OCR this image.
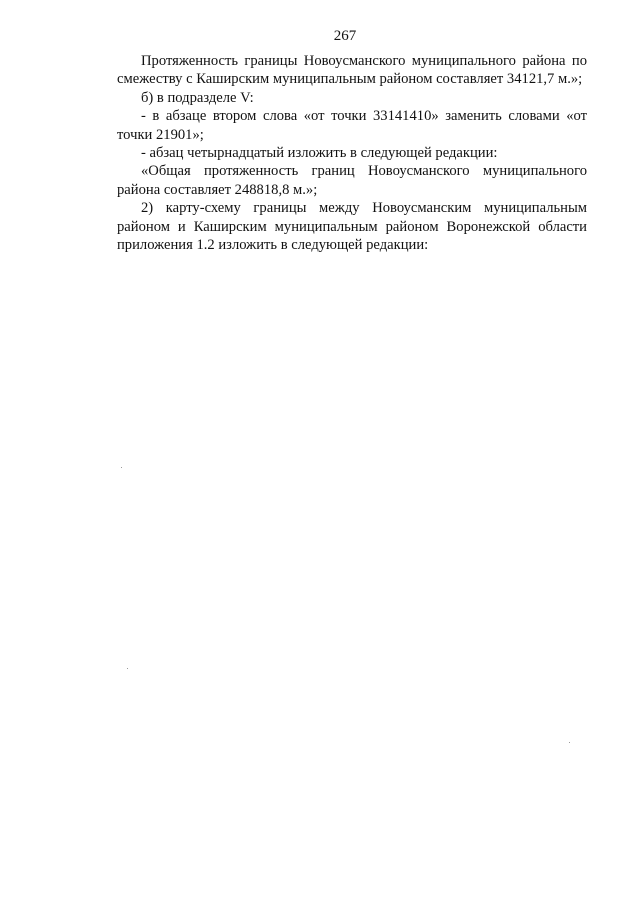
267

Протяженность границы Новоусманского муниципального района по смежеству с Каширским муниципальным районом составляет 34121,7 м.»;

б) в подразделе V:

- в абзаце втором слова «от точки 33141410» заменить словами «от точки 21901»;

- абзац четырнадцатый изложить в следующей редакции:

«Общая протяженность границ Новоусманского муниципального района составляет 248818,8 м.»;

2) карту-схему границы между Новоусманским муниципальным районом и Каширским муниципальным районом Воронежской области приложения 1.2 изложить в следующей редакции:
